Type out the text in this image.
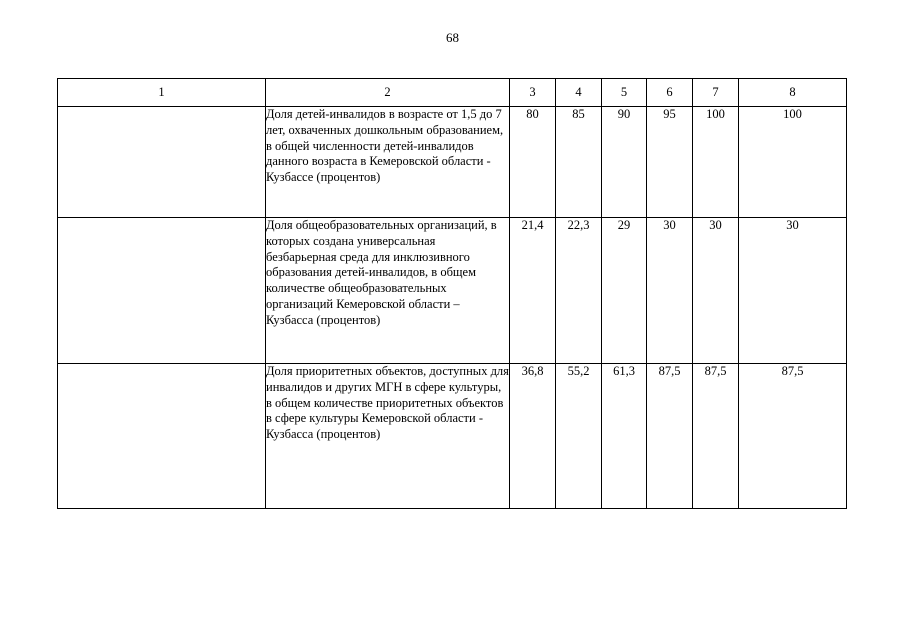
68
1	2	3	4	5	6	7	8
	Доля детей-инвалидов в возрасте от 1,5 до 7 лет, охваченных дошкольным образованием, в общей численности детей-инвалидов данного возраста в Кемеровской области - Кузбассе (процентов)	80	85	90	95	100	100
	Доля общеобразовательных организаций, в которых создана универсальная безбарьерная среда для инклюзивного образования детей-инвалидов, в общем количестве общеобразовательных организаций Кемеровской области – Кузбасса (процентов)	21,4	22,3	29	30	30	30
	Доля приоритетных объектов, доступных для инвалидов и других МГН в сфере культуры, в общем количестве приоритетных объектов в сфере культуры Кемеровской области - Кузбасса (процентов)	36,8	55,2	61,3	87,5	87,5	87,5
